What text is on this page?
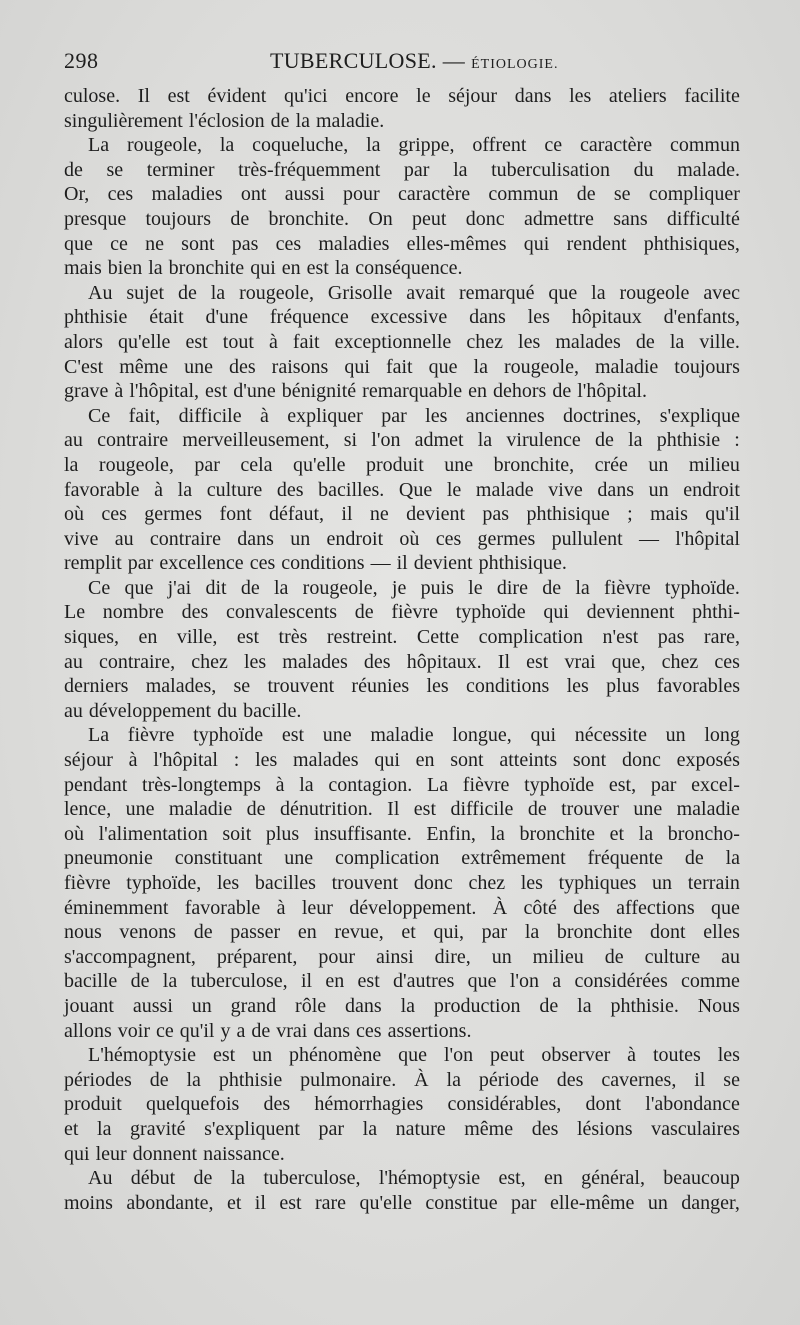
298	TUBERCULOSE. — ÉTIOLOGIE.
culose. Il est évident qu'ici encore le séjour dans les ateliers facilite
singulièrement l'éclosion de la maladie.
La rougeole, la coqueluche, la grippe, offrent ce caractère commun
de se terminer très-fréquemment par la tuberculisation du malade.
Or, ces maladies ont aussi pour caractère commun de se compliquer
presque toujours de bronchite. On peut donc admettre sans difficulté
que ce ne sont pas ces maladies elles-mêmes qui rendent phthisiques,
mais bien la bronchite qui en est la conséquence.
Au sujet de la rougeole, Grisolle avait remarqué que la rougeole avec
phthisie était d'une fréquence excessive dans les hôpitaux d'enfants,
alors qu'elle est tout à fait exceptionnelle chez les malades de la ville.
C'est même une des raisons qui fait que la rougeole, maladie toujours
grave à l'hôpital, est d'une bénignité remarquable en dehors de l'hôpital.
Ce fait, difficile à expliquer par les anciennes doctrines, s'explique
au contraire merveilleusement, si l'on admet la virulence de la phthisie :
la rougeole, par cela qu'elle produit une bronchite, crée un milieu
favorable à la culture des bacilles. Que le malade vive dans un endroit
où ces germes font défaut, il ne devient pas phthisique ; mais qu'il
vive au contraire dans un endroit où ces germes pullulent — l'hôpital
remplit par excellence ces conditions — il devient phthisique.
Ce que j'ai dit de la rougeole, je puis le dire de la fièvre typhoïde.
Le nombre des convalescents de fièvre typhoïde qui deviennent phthi-
siques, en ville, est très restreint. Cette complication n'est pas rare,
au contraire, chez les malades des hôpitaux. Il est vrai que, chez ces
derniers malades, se trouvent réunies les conditions les plus favorables
au développement du bacille.
La fièvre typhoïde est une maladie longue, qui nécessite un long
séjour à l'hôpital : les malades qui en sont atteints sont donc exposés
pendant très-longtemps à la contagion. La fièvre typhoïde est, par excel-
lence, une maladie de dénutrition. Il est difficile de trouver une maladie
où l'alimentation soit plus insuffisante. Enfin, la bronchite et la broncho-
pneumonie constituant une complication extrêmement fréquente de la
fièvre typhoïde, les bacilles trouvent donc chez les typhiques un terrain
éminemment favorable à leur développement. À côté des affections que
nous venons de passer en revue, et qui, par la bronchite dont elles
s'accompagnent, préparent, pour ainsi dire, un milieu de culture au
bacille de la tuberculose, il en est d'autres que l'on a considérées comme
jouant aussi un grand rôle dans la production de la phthisie. Nous
allons voir ce qu'il y a de vrai dans ces assertions.
L'hémoptysie est un phénomène que l'on peut observer à toutes les
périodes de la phthisie pulmonaire. À la période des cavernes, il se
produit quelquefois des hémorrhagies considérables, dont l'abondance
et la gravité s'expliquent par la nature même des lésions vasculaires
qui leur donnent naissance.
Au début de la tuberculose, l'hémoptysie est, en général, beaucoup
moins abondante, et il est rare qu'elle constitue par elle-même un danger,
